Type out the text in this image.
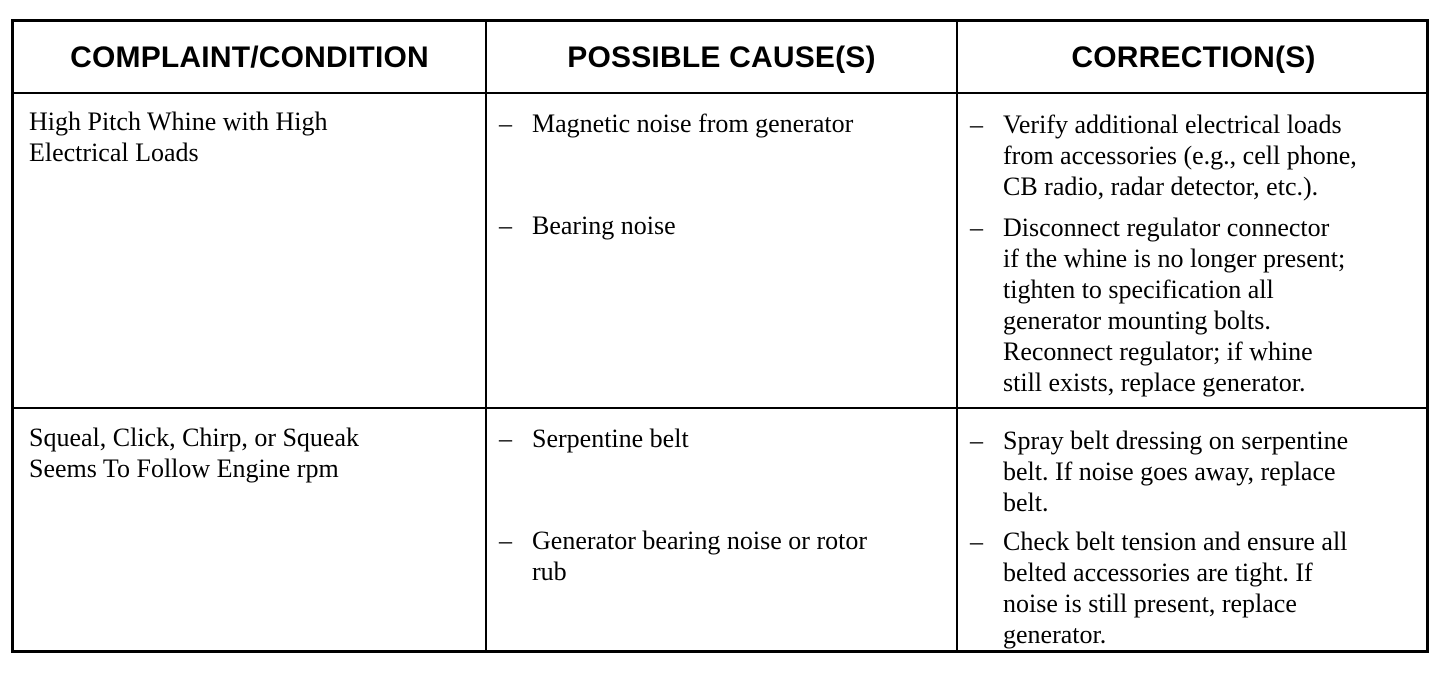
COMPLAINT/CONDITION	POSSIBLE CAUSE(S)	CORRECTION(S)
High Pitch Whine with High
Electrical Loads
– Magnetic noise from generator
– Bearing noise
– Verify additional electrical loads
from accessories (e.g., cell phone,
CB radio, radar detector, etc.).
– Disconnect regulator connector
if the whine is no longer present;
tighten to specification all
generator mounting bolts.
Reconnect regulator; if whine
still exists, replace generator.
Squeal, Click, Chirp, or Squeak
Seems To Follow Engine rpm
– Serpentine belt
– Generator bearing noise or rotor
rub
– Spray belt dressing on serpentine
belt. If noise goes away, replace
belt.
– Check belt tension and ensure all
belted accessories are tight. If
noise is still present, replace
generator.
